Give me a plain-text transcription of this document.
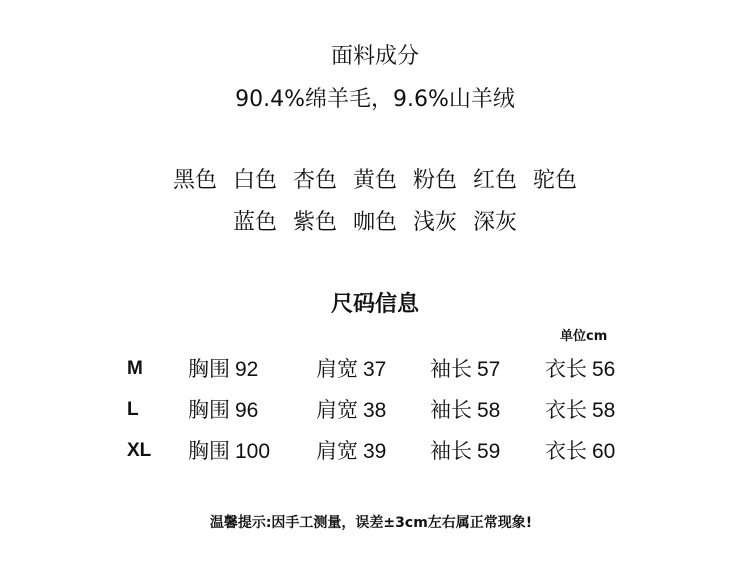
面料成分
90.4%绵羊毛，9.6%山羊绒
黑色 白色 杏色 黄色 粉色 红色 驼色
蓝色 紫色 咖色 浅灰 深灰
尺码信息
单位cm
M 胸围 92	肩宽 37 袖长 57 衣长 56
L 胸围 96	肩宽 38 袖长 58 衣长 58
XL 胸围 100 肩宽 39 袖长 59 衣长 60
温馨提示:因手工测量，误差±3cm左右属正常现象!
